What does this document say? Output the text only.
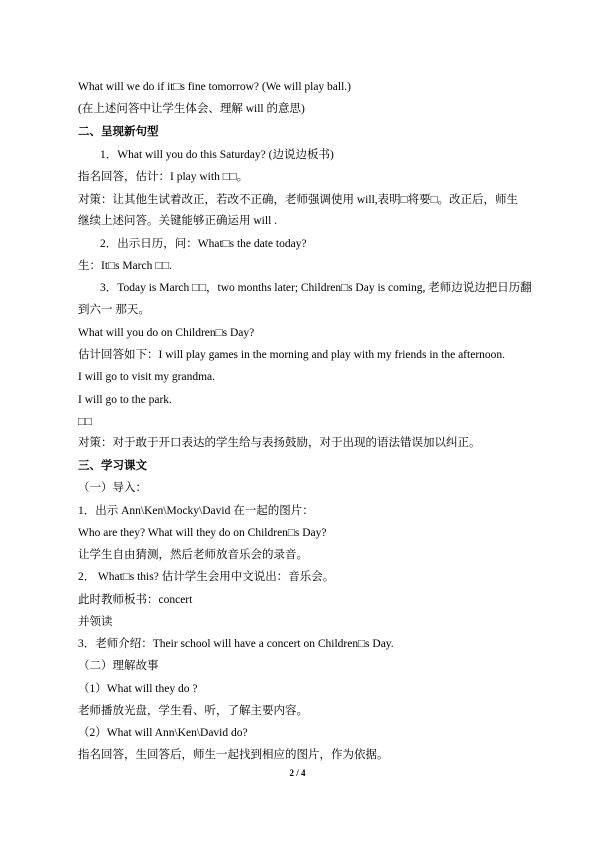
What will we do if it□s fine tomorrow? (We will play ball.)
(在上述问答中让学生体会、理解 will 的意思)
二、呈现新句型
1．What will you do this Saturday? (边说边板书)
指名回答，估计：I play with □□。
对策：让其他生试着改正，若改不正确，老师强调使用 will,表明□将要□。改正后，师生
继续上述问答。关键能够正确运用 will .
2．出示日历，问：What□s the date today?
生：It□s March □□.
3．Today is March □□，two months later; Children□s Day is coming, 老师边说边把日历翻
到六一 那天。
What will you do on Children□s Day?
估计回答如下：I will play games in the morning and play with my friends in the afternoon.
I will go to visit my grandma.
I will go to the park.
□□
对策：对于敢于开口表达的学生给与表扬鼓励，对于出现的语法错误加以纠正。
三、学习课文
（一）导入：
1．出示 Ann\Ken\Mocky\David 在一起的图片：
Who are they? What will they do on Children□s Day?
让学生自由猜测，然后老师放音乐会的录音。
2． What□s this? 估计学生会用中文说出：音乐会。
此时教师板书：concert
并领读
3．老师介绍：Their school will have a concert on Children□s Day.
（二）理解故事
（1）What will they do ?
老师播放光盘，学生看、听，了解主要内容。
（2）What will Ann\Ken\David do?
指名回答，生回答后，师生一起找到相应的图片，作为依据。
2 / 4
